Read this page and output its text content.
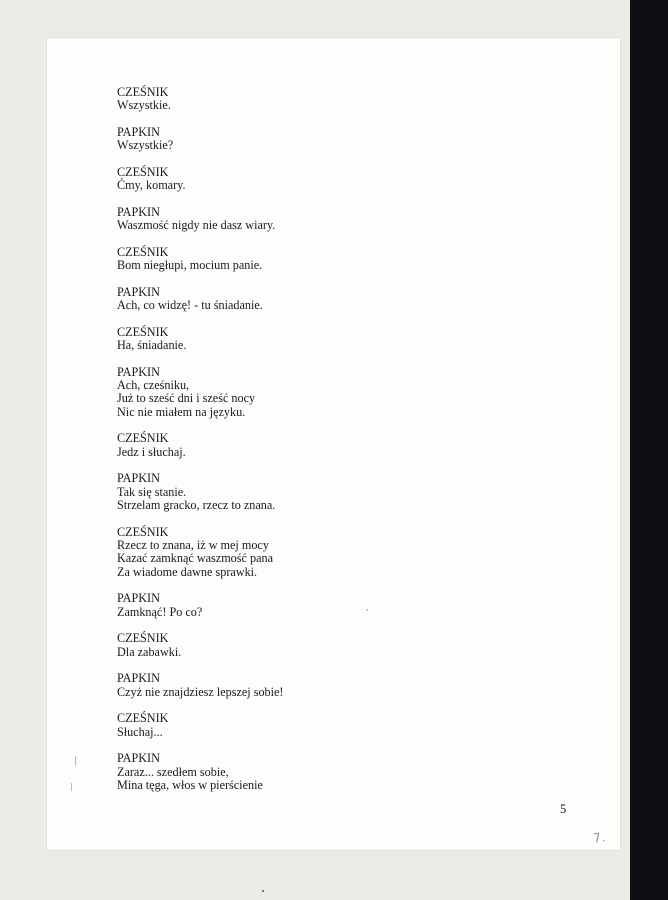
CZEŚNIK
Wszystkie.
PAPKIN
Wszystkie?
CZEŚNIK
Ćmy, komary.
PAPKIN
Waszmość nigdy nie dasz wiary.
CZEŚNIK
Bom niegłupi, mocium panie.
PAPKIN
Ach, co widzę! - tu śniadanie.
CZEŚNIK
Ha, śniadanie.
PAPKIN
Ach, cześniku,
Już to sześć dni i sześć nocy
Nic nie miałem na języku.
CZEŚNIK
Jedz i słuchaj.
PAPKIN
Tak się stanie.
Strzelam gracko, rzecz to znana.
CZEŚNIK
Rzecz to znana, iż w mej mocy
Kazać zamknąć waszmość pana
Za wiadome dawne sprawki.
PAPKIN
Zamknąć! Po co?
CZEŚNIK
Dla zabawki.
PAPKIN
Czyż nie znajdziesz lepszej sobie!
CZEŚNIK
Słuchaj...
PAPKIN
Zaraz... szedłem sobie,
Mina tęga, włos w pierścienie
5
7.
